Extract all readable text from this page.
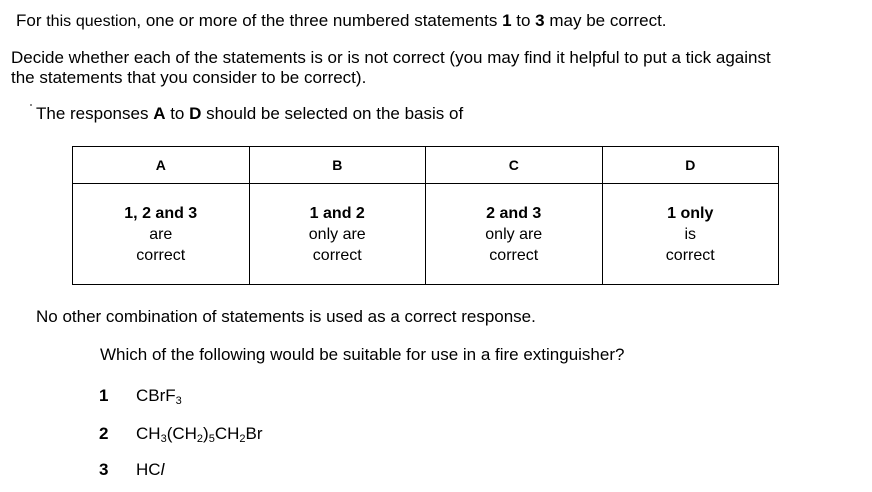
For this question, one or more of the three numbered statements 1 to 3 may be correct.
Decide whether each of the statements is or is not correct (you may find it helpful to put a tick against
the statements that you consider to be correct).
The responses A to D should be selected on the basis of
A	B	C	D

1, 2 and 3
are
correct	1 and 2
only are
correct	2 and 3
only are
correct	1 only
is
correct
No other combination of statements is used as a correct response.
Which of the following would be suitable for use in a fire extinguisher?
1 CBrF$_3$
2 $CH_3(CH_2)_5CH_2Br$
3 HCl
